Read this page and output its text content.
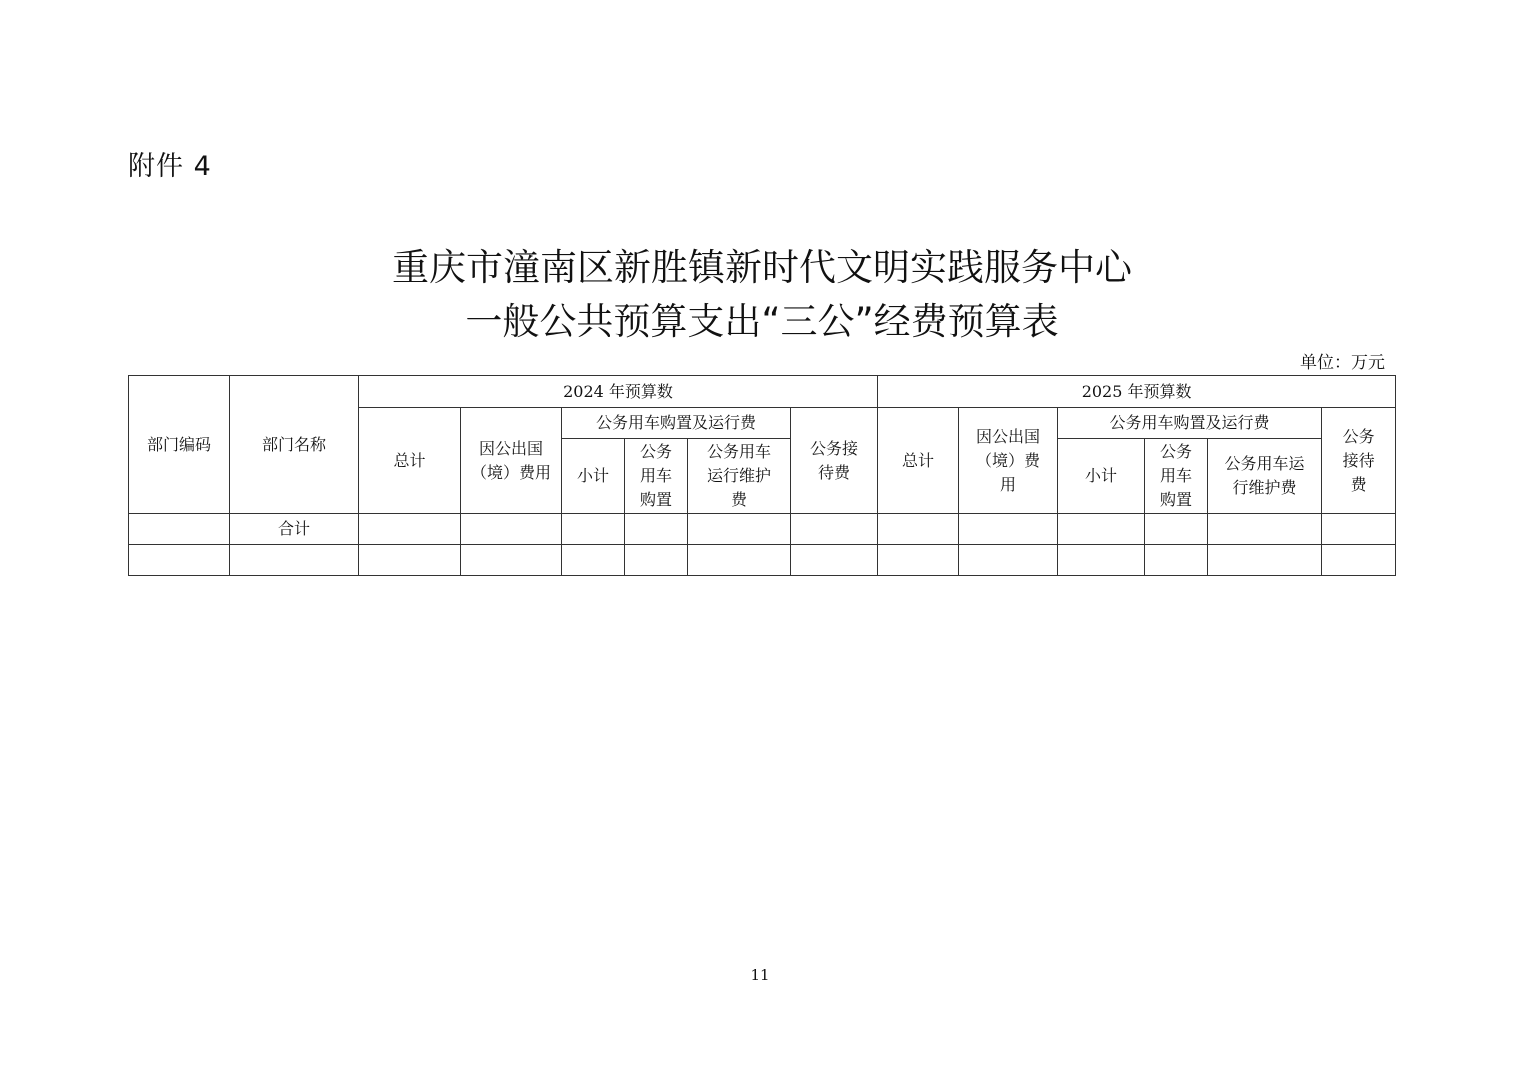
附件 4
重庆市潼南区新胜镇新时代文明实践服务中心
一般公共预算支出“三公”经费预算表
单位：万元
部门编码	部门名称	2024 年预算数						2025 年预算数					
		总计	因公出国（境）费用	公务用车购置及运行费			公务接待费	总计	因公出国（境）费用	公务用车购置及运行费			公务接待费
				小计	公务用车购置	公务用车运行维护费				小计	公务用车购置	公务用车运行维护费	
	合计												

11
